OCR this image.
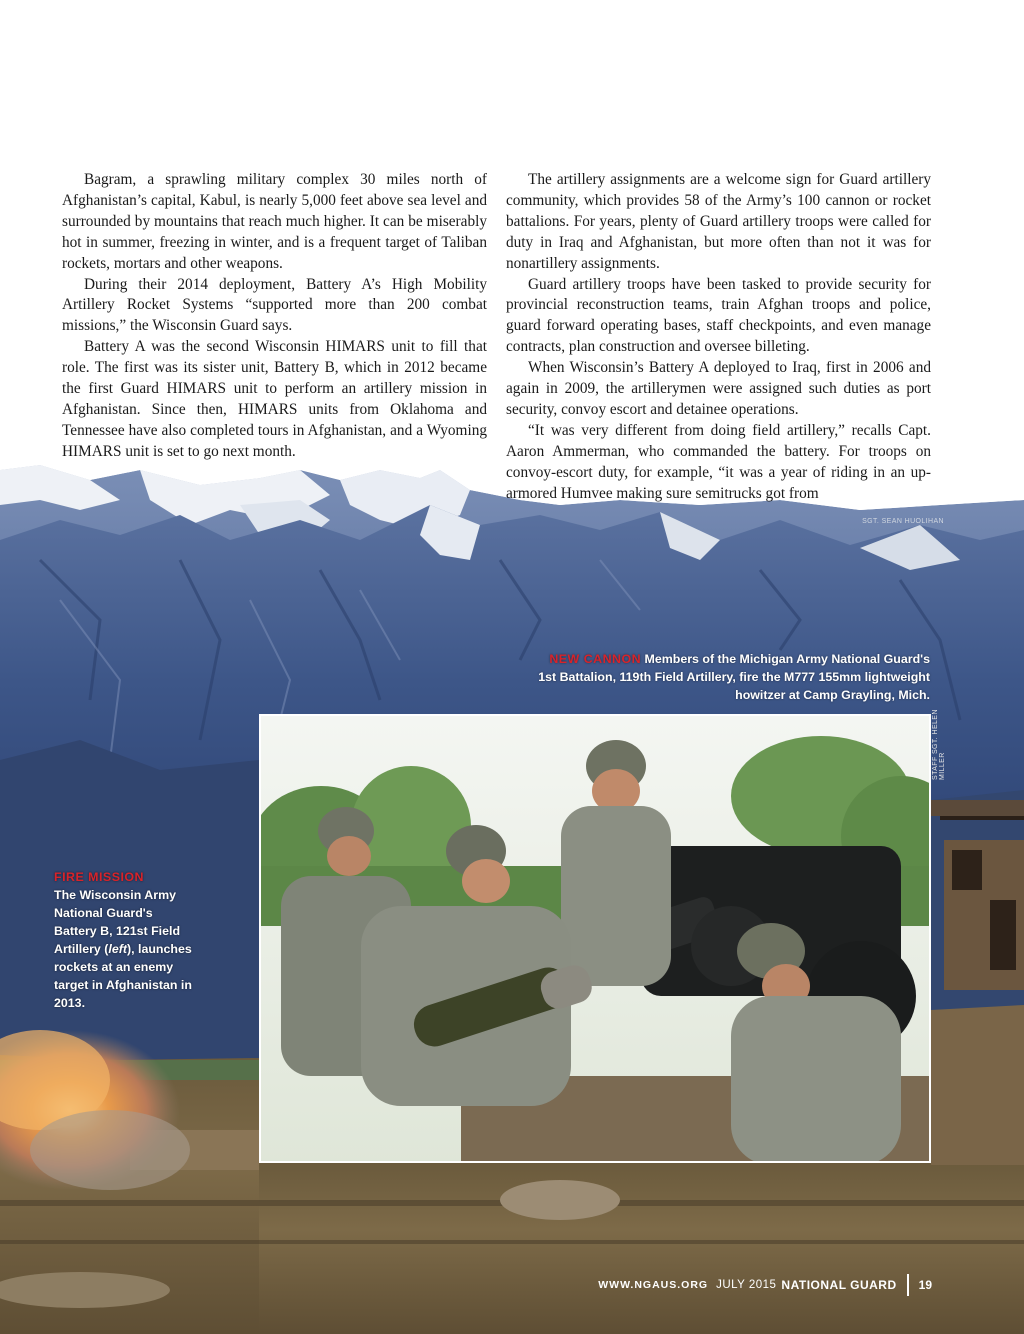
Bagram, a sprawling military complex 30 miles north of Afghanistan’s capital, Kabul, is nearly 5,000 feet above sea level and surrounded by mountains that reach much higher. It can be miserably hot in summer, freezing in winter, and is a frequent target of Taliban rockets, mortars and other weapons.

During their 2014 deployment, Battery A’s High Mobility Artillery Rocket Systems “supported more than 200 combat missions,” the Wisconsin Guard says.

Battery A was the second Wisconsin HIMARS unit to fill that role. The first was its sister unit, Battery B, which in 2012 became the first Guard HIMARS unit to perform an artillery mission in Afghanistan. Since then, HIMARS units from Oklahoma and Tennessee have also completed tours in Afghanistan, and a Wyoming HIMARS unit is set to go next month.

The artillery assignments are a welcome sign for Guard artillery community, which provides 58 of the Army’s 100 cannon or rocket battalions. For years, plenty of Guard artillery troops were called for duty in Iraq and Afghanistan, but more often than not it was for nonartillery assignments.

Guard artillery troops have been tasked to provide security for provincial reconstruction teams, train Afghan troops and police, guard forward operating bases, staff checkpoints, and even manage contracts, plan construction and oversee billeting.

When Wisconsin’s Battery A deployed to Iraq, first in 2006 and again in 2009, the artillerymen were assigned such duties as port security, convoy escort and detainee operations.

“It was very different from doing field artillery,” recalls Capt. Aaron Ammerman, who commanded the battery. For troops on convoy-escort duty, for example, “it was a year of riding in an up-armored Humvee making sure semitrucks got from

SGT. SEAN HUOLIHAN
STAFF SGT. HELEN MILLER
NEW CANNON Members of the Michigan Army National Guard's 1st Battalion, 119th Field Artillery, fire the M777 155mm lightweight howitzer at Camp Grayling, Mich.
FIRE MISSION
The Wisconsin Army National Guard's Battery B, 121st Field Artillery (left), launches rockets at an enemy target in Afghanistan in 2013.
WWW.NGAUS.ORG JULY 2015 NATIONAL GUARD 19
